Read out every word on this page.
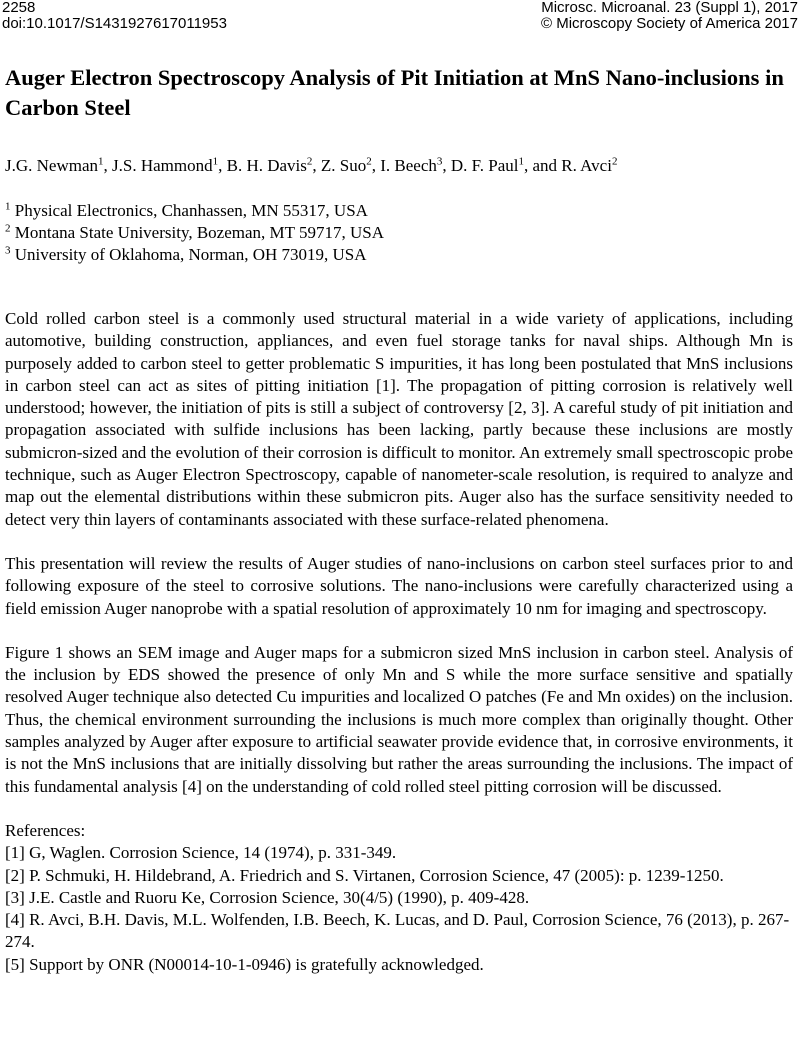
2258
doi:10.1017/S1431927617011953
Microsc. Microanal. 23 (Suppl 1), 2017
© Microscopy Society of America 2017
Auger Electron Spectroscopy Analysis of Pit Initiation at MnS Nano-inclusions in Carbon Steel
J.G. Newman$^1$, J.S. Hammond$^1$, B. H. Davis$^2$, Z. Suo$^2$, I. Beech$^3$, D. F. Paul$^1$, and R. Avci$^2$
$^1$ Physical Electronics, Chanhassen, MN 55317, USA
$^2$ Montana State University, Bozeman, MT 59717, USA
$^3$ University of Oklahoma, Norman, OH 73019, USA

Cold rolled carbon steel is a commonly used structural material in a wide variety of applications, including automotive, building construction, appliances, and even fuel storage tanks for naval ships. Although Mn is purposely added to carbon steel to getter problematic S impurities, it has long been postulated that MnS inclusions in carbon steel can act as sites of pitting initiation [1]. The propagation of pitting corrosion is relatively well understood; however, the initiation of pits is still a subject of controversy [2, 3]. A careful study of pit initiation and propagation associated with sulfide inclusions has been lacking, partly because these inclusions are mostly submicron-sized and the evolution of their corrosion is difficult to monitor. An extremely small spectroscopic probe technique, such as Auger Electron Spectroscopy, capable of nanometer-scale resolution, is required to analyze and map out the elemental distributions within these submicron pits. Auger also has the surface sensitivity needed to detect very thin layers of contaminants associated with these surface-related phenomena.

This presentation will review the results of Auger studies of nano-inclusions on carbon steel surfaces prior to and following exposure of the steel to corrosive solutions. The nano-inclusions were carefully characterized using a field emission Auger nanoprobe with a spatial resolution of approximately 10 nm for imaging and spectroscopy.

Figure 1 shows an SEM image and Auger maps for a submicron sized MnS inclusion in carbon steel. Analysis of the inclusion by EDS showed the presence of only Mn and S while the more surface sensitive and spatially resolved Auger technique also detected Cu impurities and localized O patches (Fe and Mn oxides) on the inclusion. Thus, the chemical environment surrounding the inclusions is much more complex than originally thought. Other samples analyzed by Auger after exposure to artificial seawater provide evidence that, in corrosive environments, it is not the MnS inclusions that are initially dissolving but rather the areas surrounding the inclusions. The impact of this fundamental analysis [4] on the understanding of cold rolled steel pitting corrosion will be discussed.

References:
[1] G, Waglen. Corrosion Science, 14 (1974), p. 331-349.
[2] P. Schmuki, H. Hildebrand, A. Friedrich and S. Virtanen, Corrosion Science, 47 (2005): p. 1239-1250.
[3] J.E. Castle and Ruoru Ke, Corrosion Science, 30(4/5) (1990), p. 409-428.
[4] R. Avci, B.H. Davis, M.L. Wolfenden, I.B. Beech, K. Lucas, and D. Paul, Corrosion Science, 76 (2013), p. 267-274.
[5] Support by ONR (N00014-10-1-0946) is gratefully acknowledged.
